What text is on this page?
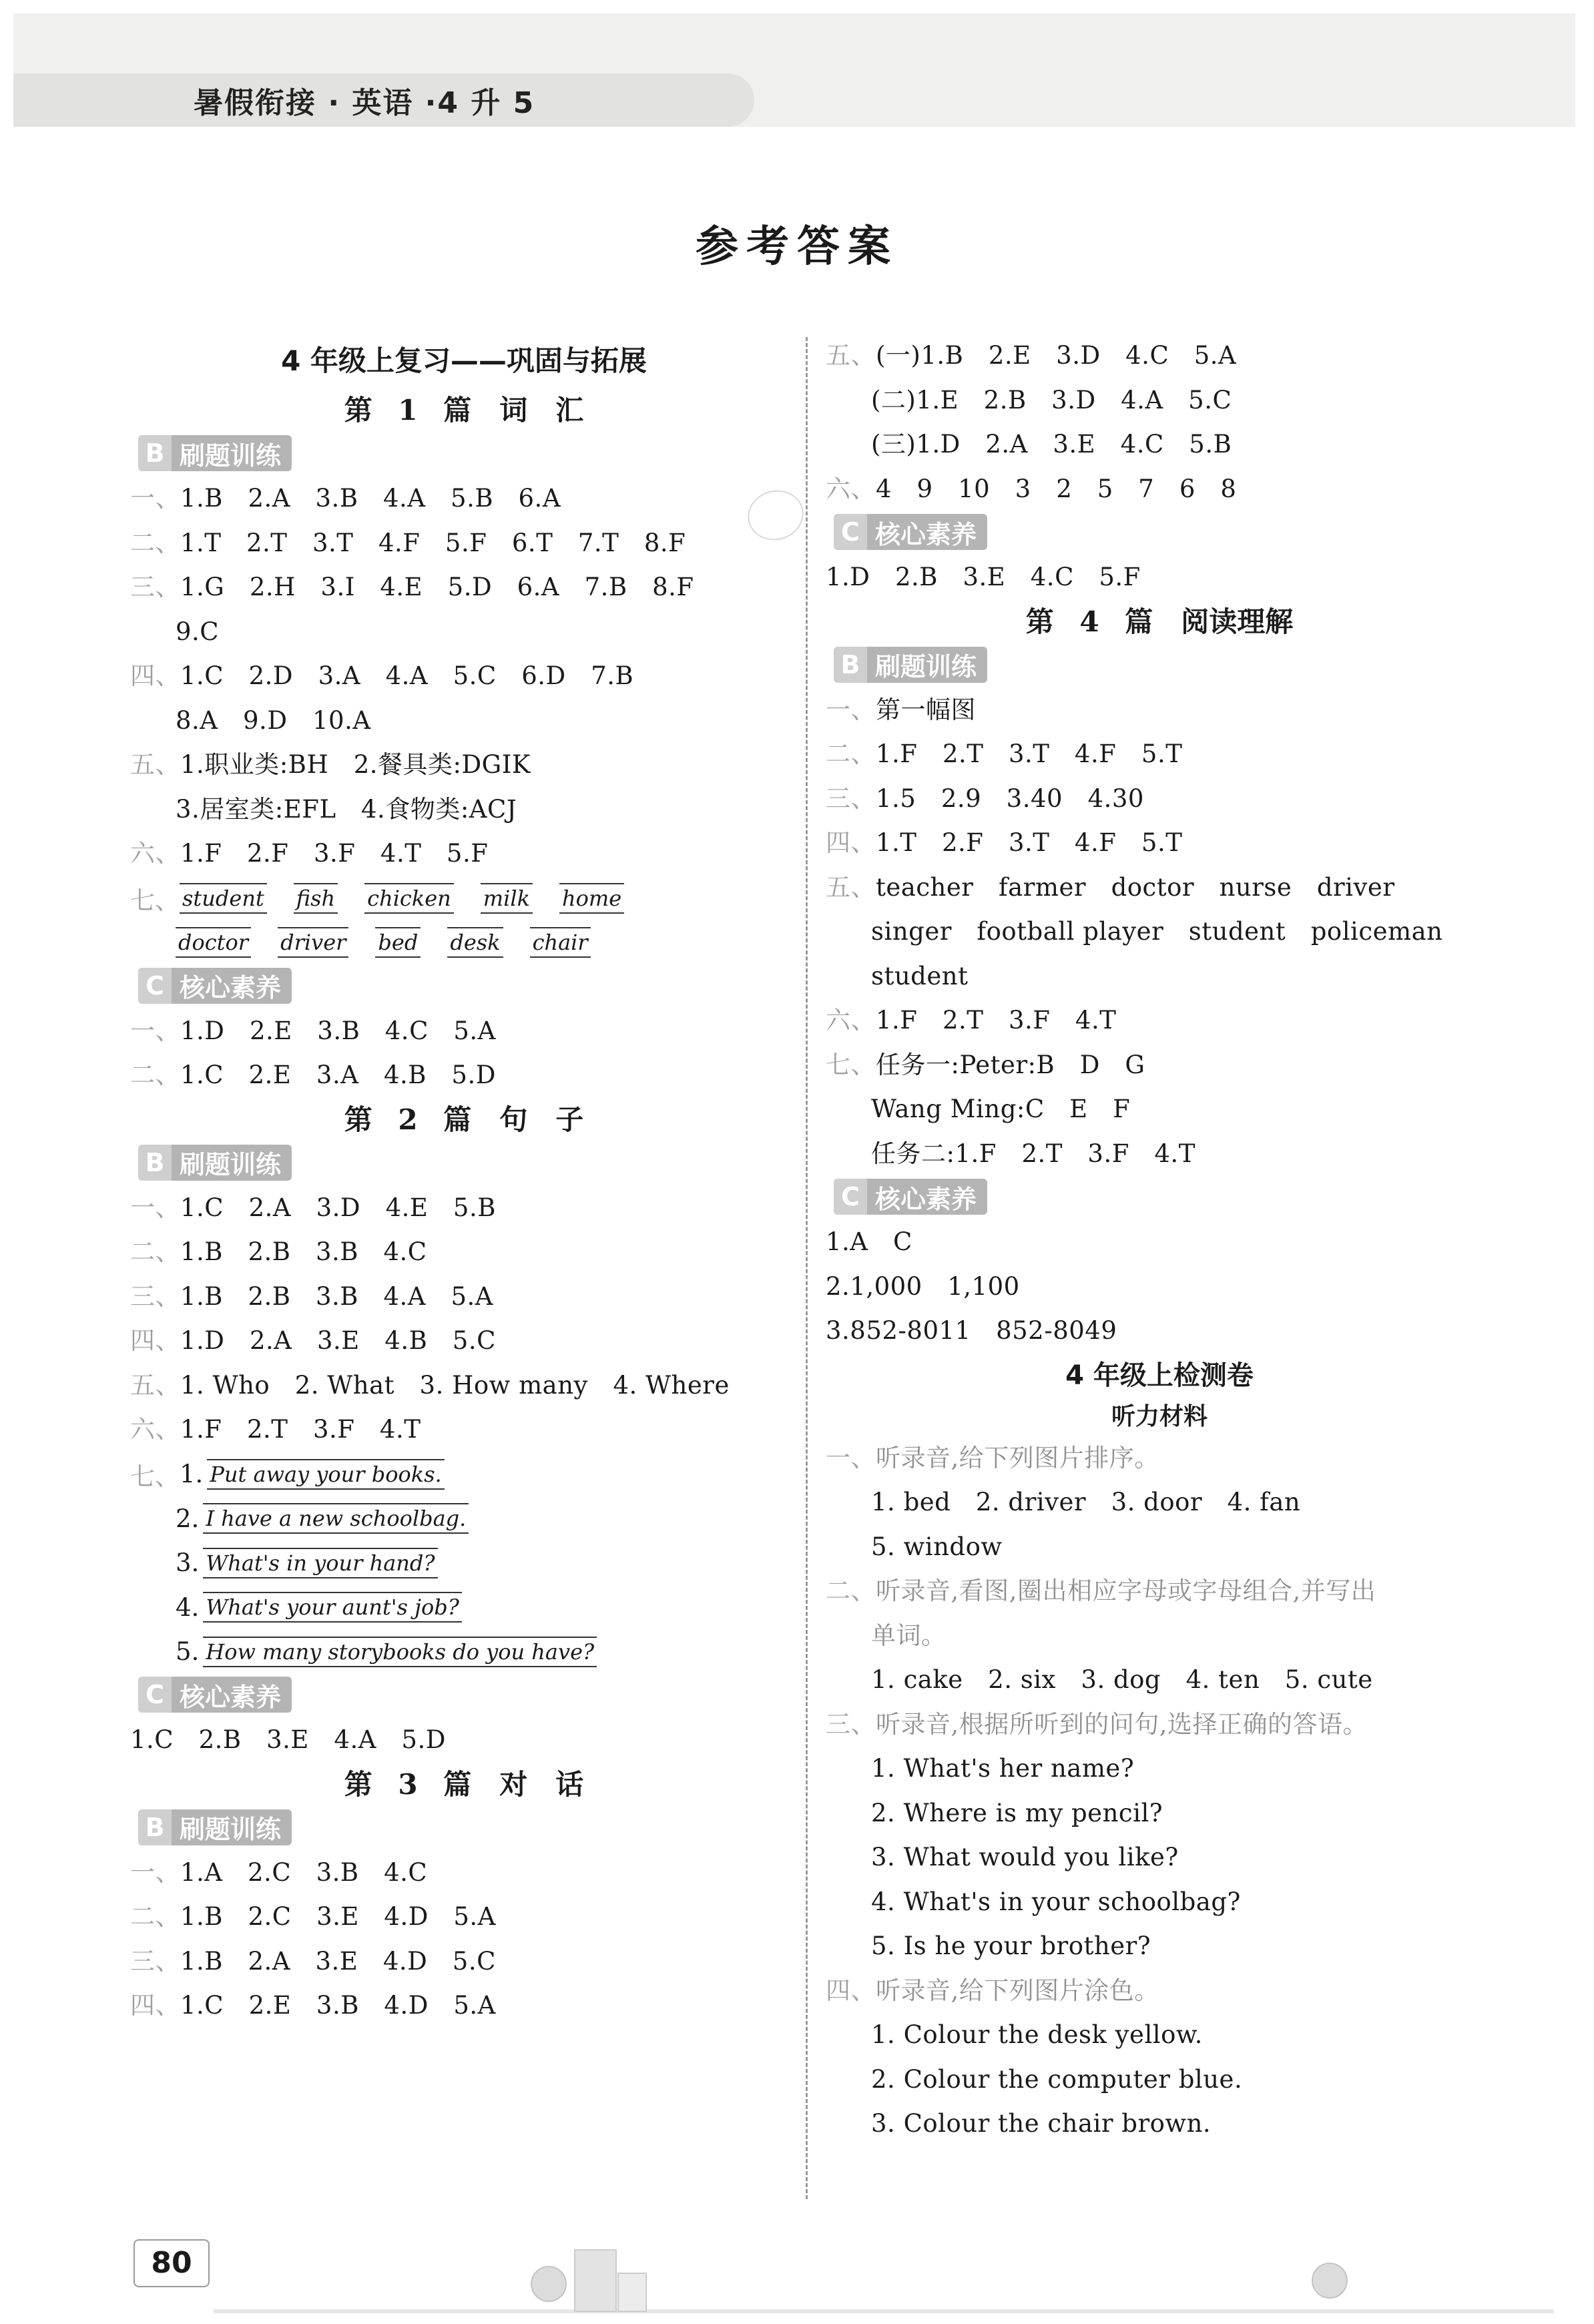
暑假衔接 · 英语 ·4 升 5
参考答案
4 年级上复习——巩固与拓展
第 1 篇　词　汇
B 刷题训练
一、1.B　2.A　3.B　4.A　5.B　6.A
二、1.T　2.T　3.T　4.F　5.F　6.T　7.T　8.F
三、1.G　2.H　3.I　4.E　5.D　6.A　7.B　8.F
9.C
四、1.C　2.D　3.A　4.A　5.C　6.D　7.B
8.A　9.D　10.A
五、1.职业类:BH　2.餐具类:DGIK
3.居室类:EFL　4.食物类:ACJ
六、1.F　2.F　3.F　4.T　5.F
七、 student fish chicken milk home
doctor driver bed desk chair
C 核心素养
一、1.D　2.E　3.B　4.C　5.A
二、1.C　2.E　3.A　4.B　5.D
第 2 篇　句　子
B 刷题训练
一、1.C　2.A　3.D　4.E　5.B
二、1.B　2.B　3.B　4.C
三、1.B　2.B　3.B　4.A　5.A
四、1.D　2.A　3.E　4.B　5.C
五、1. Who　2. What　3. How many　4. Where
六、1.F　2.T　3.F　4.T
七、 1. Put away your books.
2. I have a new schoolbag.
3. What's in your hand?
4. What's your aunt's job?
5. How many storybooks do you have?
C 核心素养
1.C　2.B　3.E　4.A　5.D
第 3 篇　对　话
B 刷题训练
一、1.A　2.C　3.B　4.C
二、1.B　2.C　3.E　4.D　5.A
三、1.B　2.A　3.E　4.D　5.C
四、1.C　2.E　3.B　4.D　5.A
五、(一)1.B　2.E　3.D　4.C　5.A
(二)1.E　2.B　3.D　4.A　5.C
(三)1.D　2.A　3.E　4.C　5.B
六、4　9　10　3　2　5　7　6　8
C 核心素养
1.D　2.B　3.E　4.C　5.F
第 4 篇　阅读理解
B 刷题训练
一、第一幅图
二、1.F　2.T　3.T　4.F　5.T
三、1.5　2.9　3.40　4.30
四、1.T　2.F　3.T　4.F　5.T
五、teacher　farmer　doctor　nurse　driver
singer　football player　student　policeman
student
六、1.F　2.T　3.F　4.T
七、任务一:Peter:B　D　G
Wang Ming:C　E　F
任务二:1.F　2.T　3.F　4.T
C 核心素养
1.A　C
2.1,000　1,100
3.852-8011　852-8049
4 年级上检测卷
听力材料
一、听录音,给下列图片排序。
1. bed　2. driver　3. door　4. fan
5. window
二、听录音,看图,圈出相应字母或字母组合,并写出
单词。
1. cake　2. six　3. dog　4. ten　5. cute
三、听录音,根据所听到的问句,选择正确的答语。
1. What's her name?
2. Where is my pencil?
3. What would you like?
4. What's in your schoolbag?
5. Is he your brother?
四、听录音,给下列图片涂色。
1. Colour the desk yellow.
2. Colour the computer blue.
3. Colour the chair brown.
80
